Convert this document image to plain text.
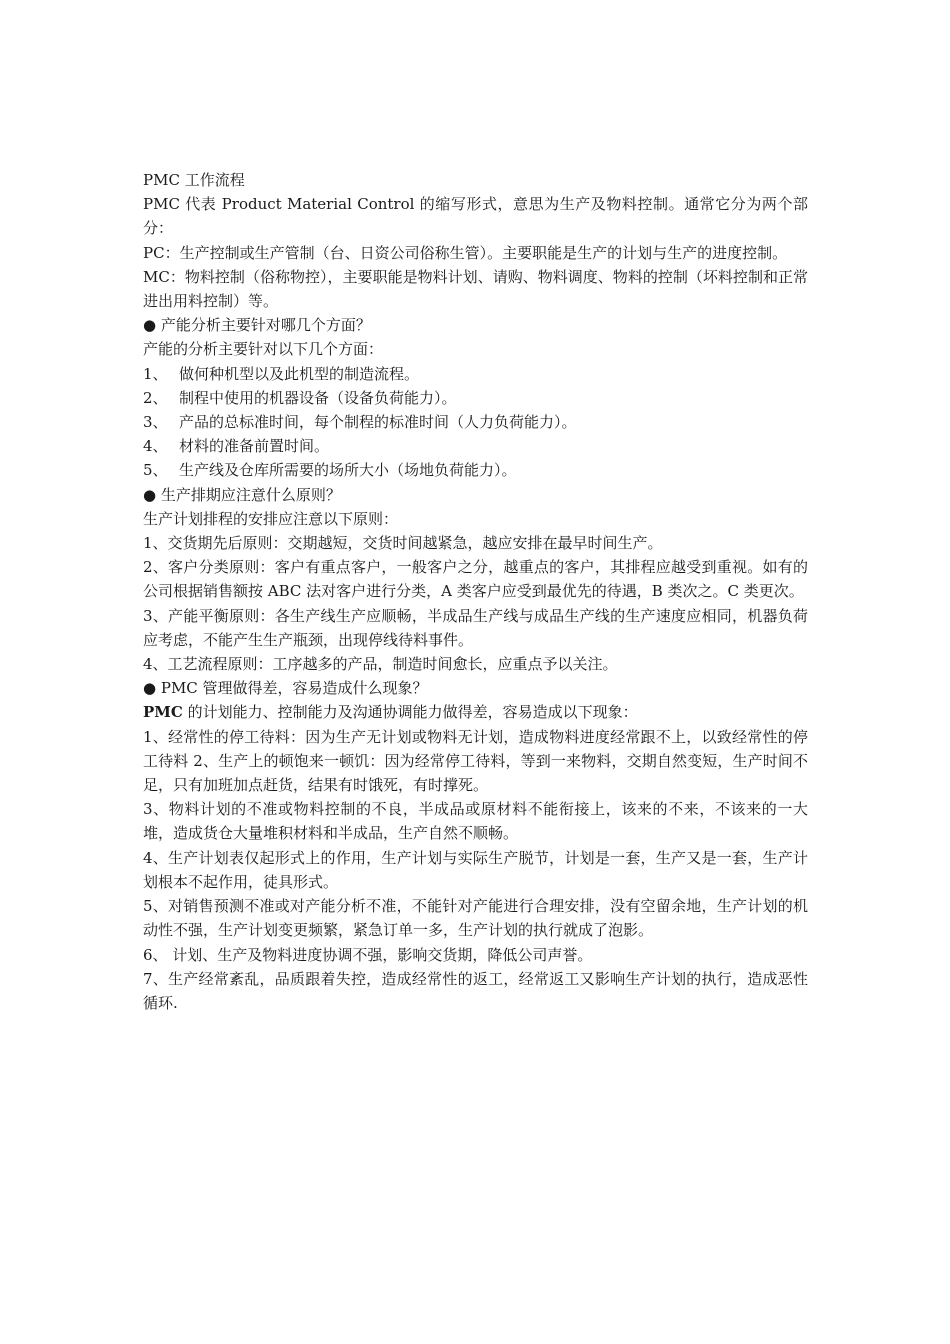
PMC 工作流程

PMC 代表 Product Material Control 的缩写形式，意思为生产及物料控制。通常它分为两个部分：

PC：生产控制或生产管制（台、日资公司俗称生管）。主要职能是生产的计划与生产的进度控制。

MC：物料控制（俗称物控），主要职能是物料计划、请购、物料调度、物料的控制（坏料控制和正常进出用料控制）等。

● 产能分析主要针对哪几个方面？

产能的分析主要针对以下几个方面：

1、 做何种机型以及此机型的制造流程。

2、 制程中使用的机器设备（设备负荷能力）。

3、 产品的总标准时间，每个制程的标准时间（人力负荷能力）。

4、 材料的准备前置时间。

5、 生产线及仓库所需要的场所大小（场地负荷能力）。

● 生产排期应注意什么原则？

生产计划排程的安排应注意以下原则：

1、交货期先后原则：交期越短，交货时间越紧急，越应安排在最早时间生产。

2、客户分类原则：客户有重点客户，一般客户之分，越重点的客户，其排程应越受到重视。如有的公司根据销售额按 ABC 法对客户进行分类，A 类客户应受到最优先的待遇，B 类次之。C 类更次。

3、产能平衡原则：各生产线生产应顺畅，半成品生产线与成品生产线的生产速度应相同，机器负荷应考虑，不能产生生产瓶颈，出现停线待料事件。

4、工艺流程原则：工序越多的产品，制造时间愈长，应重点予以关注。

● PMC 管理做得差，容易造成什么现象？

PMC 的计划能力、控制能力及沟通协调能力做得差，容易造成以下现象：

1、经常性的停工待料：因为生产无计划或物料无计划，造成物料进度经常跟不上，以致经常性的停工待料 2、生产上的顿饱来一顿饥：因为经常停工待料，等到一来物料，交期自然变短，生产时间不足，只有加班加点赶货，结果有时饿死，有时撑死。

3、物料计划的不准或物料控制的不良，半成品或原材料不能衔接上，该来的不来，不该来的一大堆，造成货仓大量堆积材料和半成品，生产自然不顺畅。

4、生产计划表仅起形式上的作用，生产计划与实际生产脱节，计划是一套，生产又是一套，生产计划根本不起作用，徒具形式。

5、对销售预测不准或对产能分析不准，不能针对产能进行合理安排，没有空留余地，生产计划的机动性不强，生产计划变更频繁，紧急订单一多，生产计划的执行就成了泡影。

6、 计划、生产及物料进度协调不强，影响交货期，降低公司声誉。

7、生产经常紊乱，品质跟着失控，造成经常性的返工，经常返工又影响生产计划的执行，造成恶性循环.
